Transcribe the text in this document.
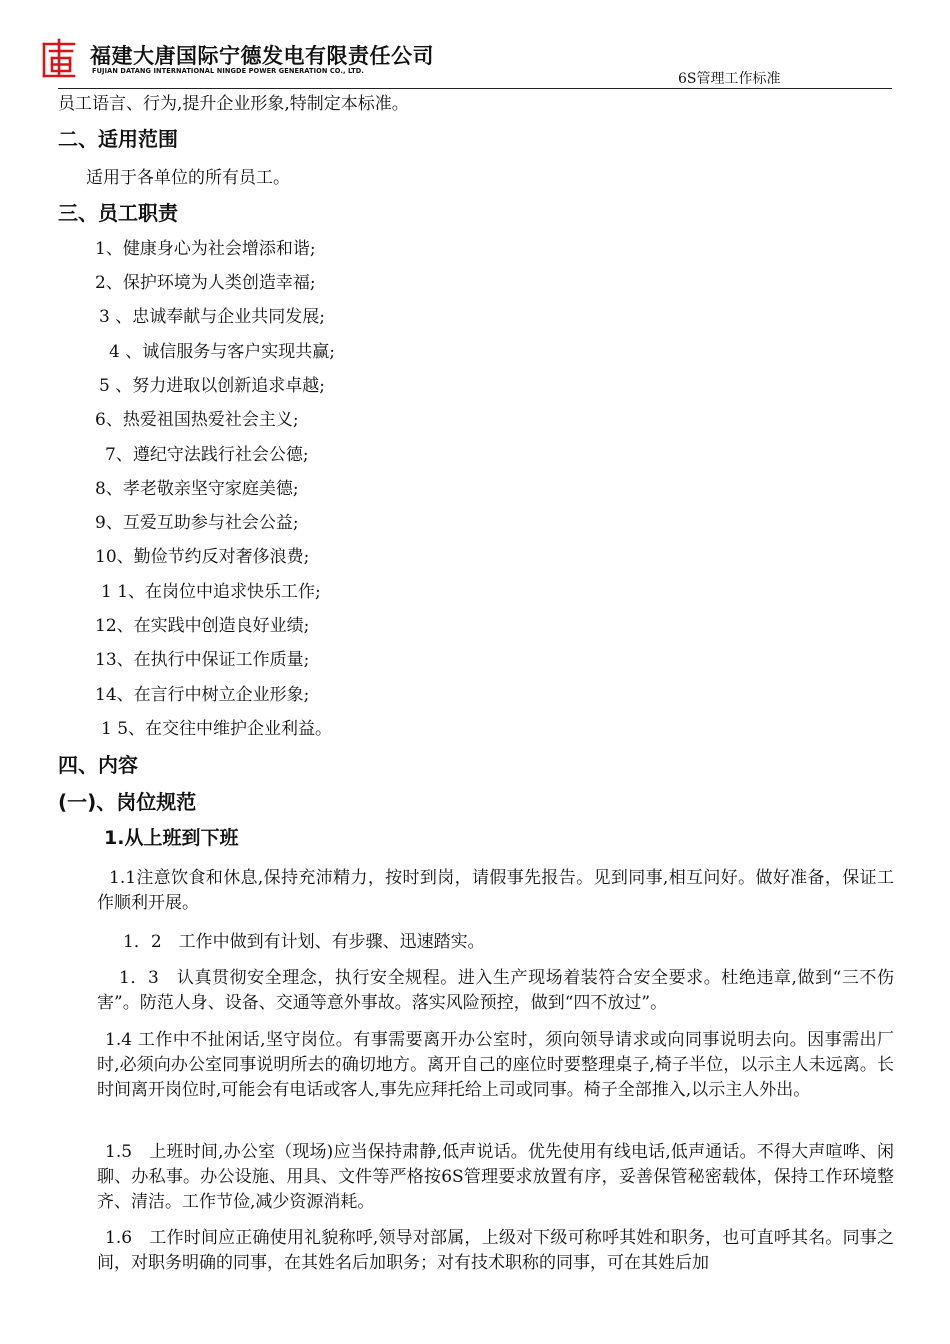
福建大唐国际宁德发电有限责任公司
FUJIAN DATANG INTERNATIONAL NINGDE POWER GENERATION CO., LTD.	6S管理工作标准
员工语言、行为,提升企业形象,特制定本标准。
二、适用范围
适用于各单位的所有员工。
三、员工职责
1、健康身心为社会增添和谐;
2、保护环境为人类创造幸福;
3 、忠诚奉献与企业共同发展;
4 、诚信服务与客户实现共赢;
5 、努力进取以创新追求卓越;
6、热爱祖国热爱社会主义;
7、遵纪守法践行社会公德;
8、孝老敬亲坚守家庭美德;
9、互爱互助参与社会公益;
10、勤俭节约反对奢侈浪费;
1 1、在岗位中追求快乐工作;
12、在实践中创造良好业绩;
13、在执行中保证工作质量;
14、在言行中树立企业形象;
1 5、在交往中维护企业利益。
四、内容
(一)、岗位规范
1.从上班到下班
1.1注意饮食和休息,保持充沛精力，按时到岗，请假事先报告。见到同事,相互问好。做好准备，保证工作顺利开展。
1．2　工作中做到有计划、有步骤、迅速踏实。
1．3　认真贯彻安全理念，执行安全规程。进入生产现场着装符合安全要求。杜绝违章,做到“三不伤害”。防范人身、设备、交通等意外事故。落实风险预控，做到“四不放过”。
1.4 工作中不扯闲话,坚守岗位。有事需要离开办公室时，须向领导请求或向同事说明去向。因事需出厂时,必须向办公室同事说明所去的确切地方。离开自己的座位时要整理桌子,椅子半位，以示主人未远离。长时间离开岗位时,可能会有电话或客人,事先应拜托给上司或同事。椅子全部推入,以示主人外出。
1.5　上班时间,办公室（现场)应当保持肃静,低声说话。优先使用有线电话,低声通话。不得大声喧哗、闲聊、办私事。办公设施、用具、文件等严格按6S管理要求放置有序，妥善保管秘密载体，保持工作环境整齐、清洁。工作节俭,减少资源消耗。
1.6　工作时间应正确使用礼貌称呼,领导对部属，上级对下级可称呼其姓和职务，也可直呼其名。同事之间，对职务明确的同事，在其姓名后加职务；对有技术职称的同事，可在其姓后加
